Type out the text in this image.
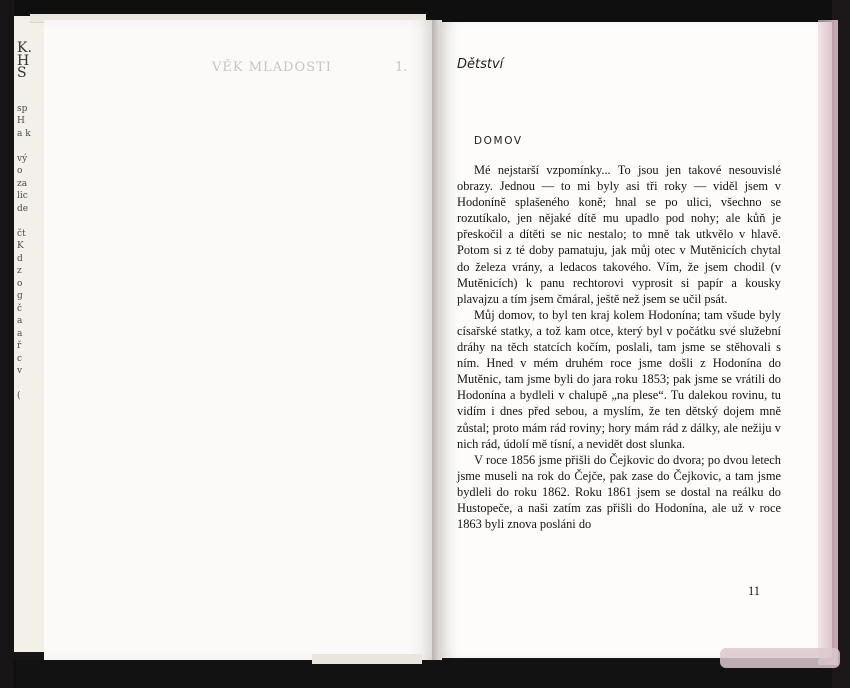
K.
H
S
sp
H
a k
vý
o
za
lic
de
čt
K
d
z
o
g
č
a
a
ř
c
v
(
VĚK MLADOSTI	1.	Dětství
DOMOV

Mé nejstarší vzpomínky... To jsou jen takové nesouvislé obrazy. Jednou — to mi byly asi tři roky — viděl jsem v Hodoníně splašeného koně; hnal se po ulici, všechno se rozutíkalo, jen nějaké dítě mu upadlo pod nohy; ale kůň je přeskočil a dítěti se nic nestalo; to mně tak utkvělo v hlavě. Potom si z té doby pamatuju, jak můj otec v Mutěnicích chytal do železa vrány, a ledacos takového. Vím, že jsem chodil (v Mutěnicích) k panu rechtorovi vyprosit si papír a kousky plavajzu a tím jsem čmáral, ještě než jsem se učil psát.

Můj domov, to byl ten kraj kolem Hodonína; tam všude byly císařské statky, a tož kam otce, který byl v počátku své služební dráhy na těch statcích kočím, poslali, tam jsme se stěhovali s ním. Hned v mém druhém roce jsme došli z Hodonína do Mutěnic, tam jsme byli do jara roku 1853; pak jsme se vrátili do Hodonína a bydleli v chalupě „na plese“. Tu dalekou rovinu, tu vidím i dnes před sebou, a myslím, že ten dětský dojem mně zůstal; proto mám rád roviny; hory mám rád z dálky, ale nežiju v nich rád, údolí mě tísní, a nevidět dost slunka.

V roce 1856 jsme přišli do Čejkovic do dvora; po dvou letech jsme museli na rok do Čejče, pak zase do Čejkovic, a tam jsme bydleli do roku 1862. Roku 1861 jsem se dostal na reálku do Hustopeče, a naši zatím zas přišli do Hodonína, ale už v roce 1863 byli znova posláni do

11
